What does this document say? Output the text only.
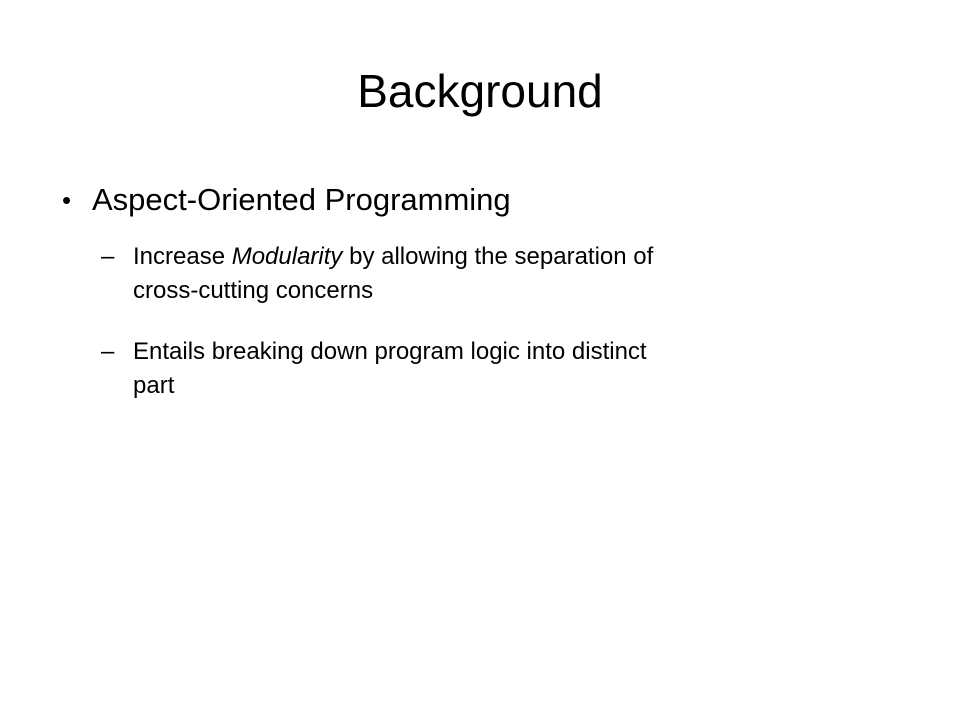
Background
• Aspect-Oriented Programming
– Increase Modularity by allowing the separation of
cross-cutting concerns
– Entails breaking down program logic into distinct
part
